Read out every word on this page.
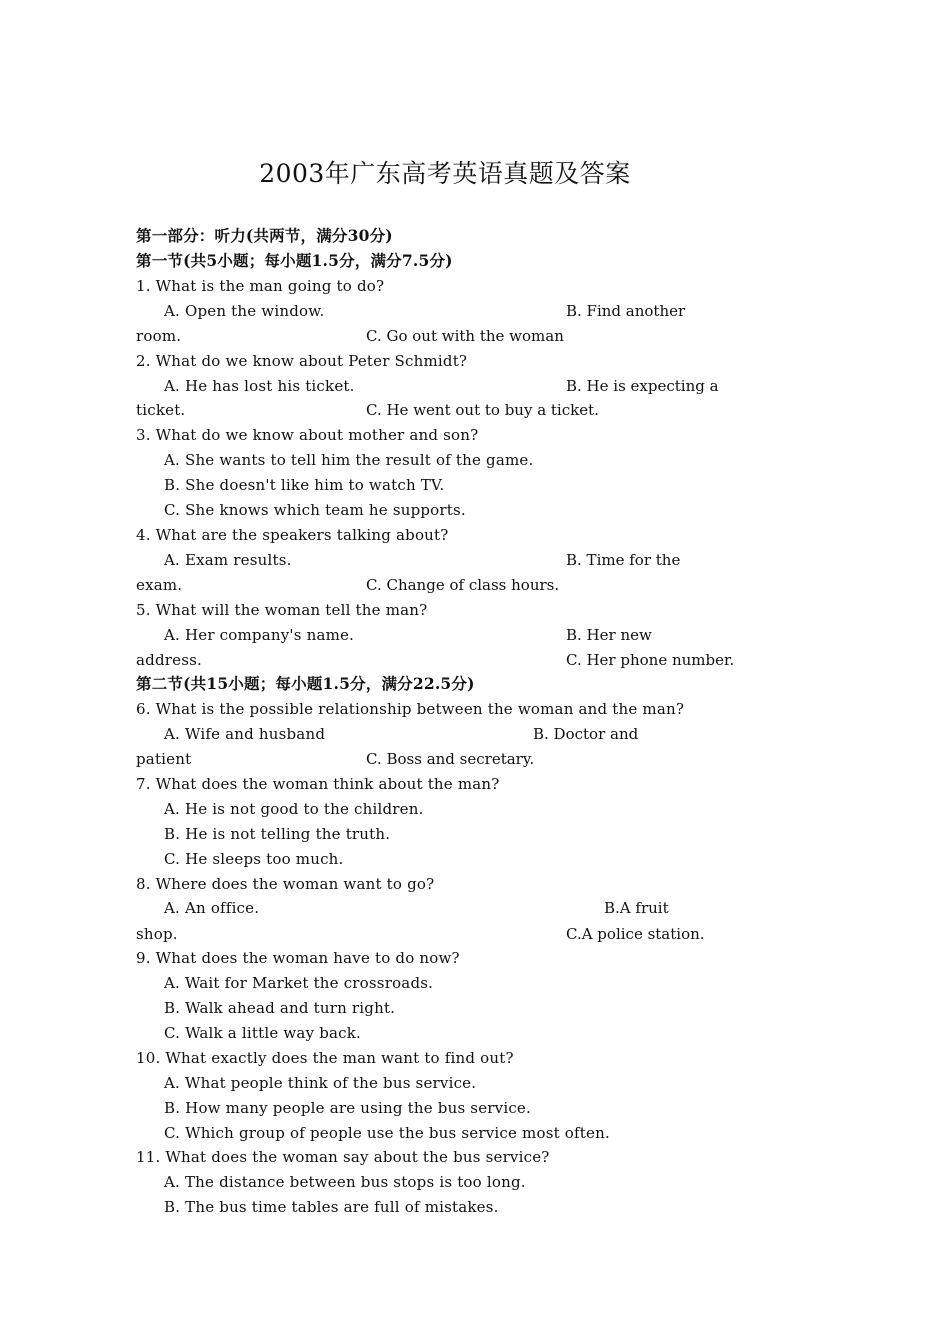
2003年广东高考英语真题及答案
第一部分：听力(共两节，满分30分)
第一节(共5小题；每小题1.5分，满分7.5分)
1. What is the man going to do?
A. Open the window.	B. Find another
room.	C. Go out with the woman
2. What do we know about Peter Schmidt?
A. He has lost his ticket.	B. He is expecting a
ticket.	C. He went out to buy a ticket.
3. What do we know about mother and son?
A. She wants to tell him the result of the game.
B. She doesn't like him to watch TV.
C. She knows which team he supports.
4. What are the speakers talking about?
A. Exam results.	B. Time for the
exam.	C. Change of class hours.
5. What will the woman tell the man?
A. Her company's name.	B. Her new
address.	C. Her phone number.
第二节(共15小题；每小题1.5分，满分22.5分)
6. What is the possible relationship between the woman and the man?
A. Wife and husband	B. Doctor and
patient	C. Boss and secretary.
7. What does the woman think about the man?
A. He is not good to the children.
B. He is not telling the truth.
C. He sleeps too much.
8. Where does the woman want to go?
A. An office.	B.A fruit
shop.	C.A police station.
9. What does the woman have to do now?
A. Wait for Market the crossroads.
B. Walk ahead and turn right.
C. Walk a little way back.
10. What exactly does the man want to find out?
A. What people think of the bus service.
B. How many people are using the bus service.
C. Which group of people use the bus service most often.
11. What does the woman say about the bus service?
A. The distance between bus stops is too long.
B. The bus time tables are full of mistakes.
